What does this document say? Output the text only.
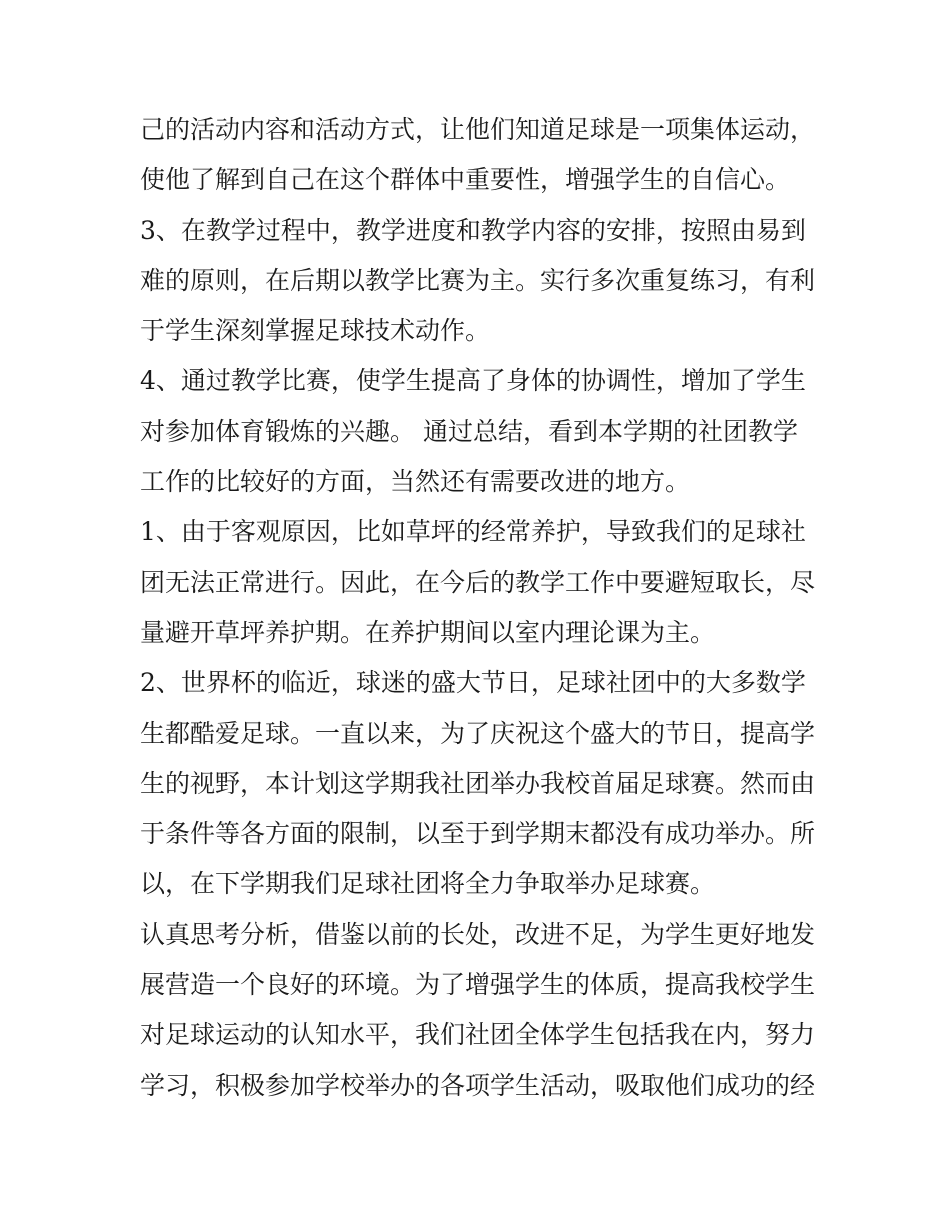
己的活动内容和活动方式，让他们知道足球是一项集体运动，
使他了解到自己在这个群体中重要性，增强学生的自信心。
3、在教学过程中，教学进度和教学内容的安排，按照由易到
难的原则，在后期以教学比赛为主。实行多次重复练习，有利
于学生深刻掌握足球技术动作。
4、通过教学比赛，使学生提高了身体的协调性，增加了学生
对参加体育锻炼的兴趣。 通过总结，看到本学期的社团教学
工作的比较好的方面，当然还有需要改进的地方。
1、由于客观原因，比如草坪的经常养护，导致我们的足球社
团无法正常进行。因此，在今后的教学工作中要避短取长，尽
量避开草坪养护期。在养护期间以室内理论课为主。
2、世界杯的临近，球迷的盛大节日，足球社团中的大多数学
生都酷爱足球。一直以来，为了庆祝这个盛大的节日，提高学
生的视野，本计划这学期我社团举办我校首届足球赛。然而由
于条件等各方面的限制，以至于到学期末都没有成功举办。所
以，在下学期我们足球社团将全力争取举办足球赛。
认真思考分析，借鉴以前的长处，改进不足，为学生更好地发
展营造一个良好的环境。为了增强学生的体质，提高我校学生
对足球运动的认知水平，我们社团全体学生包括我在内，努力
学习，积极参加学校举办的各项学生活动，吸取他们成功的经
